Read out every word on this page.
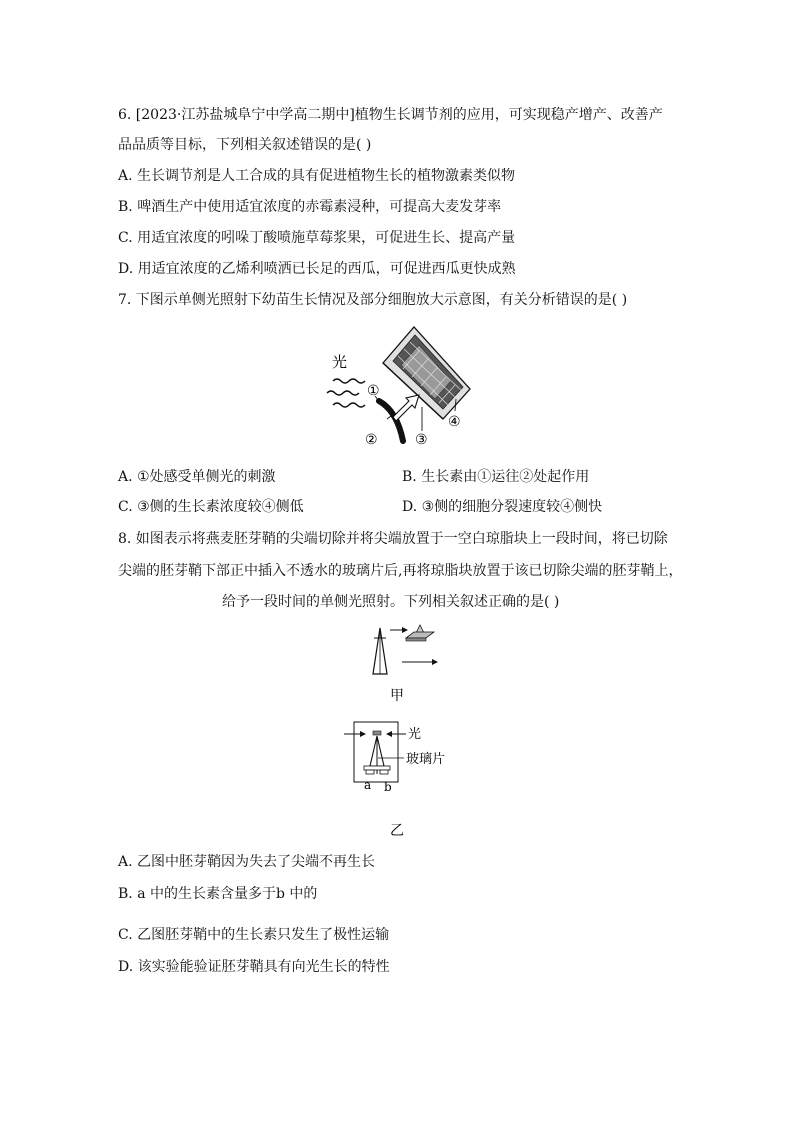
6. [2023·江苏盐城阜宁中学高二期中]植物生长调节剂的应用，可实现稳产增产、改善产
品品质等目标，下列相关叙述错误的是( )
A. 生长调节剂是人工合成的具有促进植物生长的植物激素类似物
B. 啤酒生产中使用适宜浓度的赤霉素浸种，可提高大麦发芽率
C. 用适宜浓度的吲哚丁酸喷施草莓浆果，可促进生长、提高产量
D. 用适宜浓度的乙烯利喷洒已长足的西瓜，可促进西瓜更快成熟
7. 下图示单侧光照射下幼苗生长情况及部分细胞放大示意图，有关分析错误的是( )
光
①
②	③
④
A. ①处感受单侧光的刺激	B. 生长素由①运往②处起作用
C. ③侧的生长素浓度较④侧低	D. ③侧的细胞分裂速度较④侧快
8. 如图表示将燕麦胚芽鞘的尖端切除并将尖端放置于一空白琼脂块上一段时间，将已切除
尖端的胚芽鞘下部正中插入不透水的玻璃片后,再将琼脂块放置于该已切除尖端的胚芽鞘上，
给予一段时间的单侧光照射。下列相关叙述正确的是( )
甲
光
玻璃片
a b
乙
A. 乙图中胚芽鞘因为失去了尖端不再生长
B. a 中的生长素含量多于b 中的
C. 乙图胚芽鞘中的生长素只发生了极性运输
D. 该实验能验证胚芽鞘具有向光生长的特性
